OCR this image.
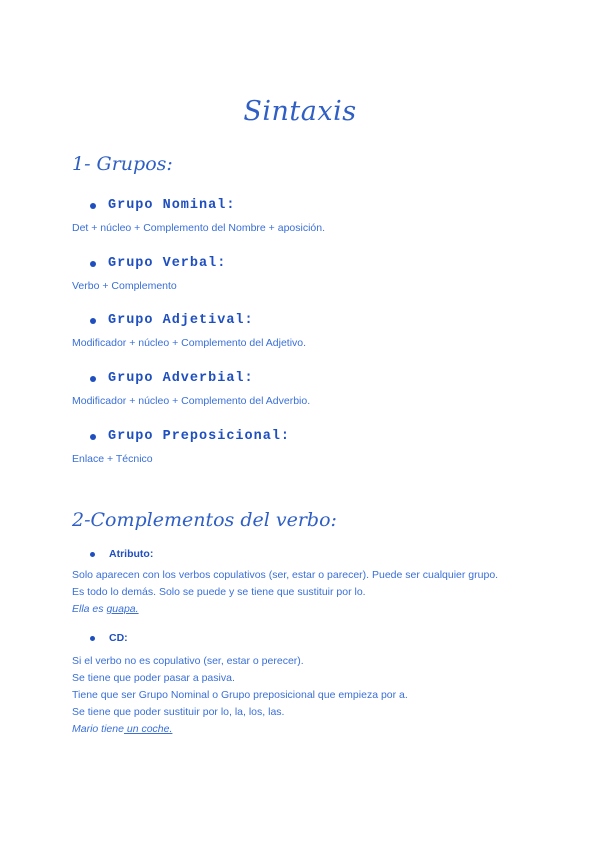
Sintaxis
1- Grupos:
Grupo Nominal:
Det + núcleo + Complemento del Nombre + aposición.
Grupo Verbal:
Verbo + Complemento
Grupo Adjetival:
Modificador + núcleo + Complemento del Adjetivo.
Grupo Adverbial:
Modificador + núcleo + Complemento del Adverbio.
Grupo Preposicional:
Enlace + Técnico
2-Complementos del verbo:
Atributo:
Solo aparecen con los verbos copulativos (ser, estar o parecer). Puede ser cualquier grupo.
Es todo lo demás. Solo se puede y se tiene que sustituir por lo.
Ella es guapa.
CD:
Si el verbo no es copulativo (ser, estar o perecer).
Se tiene que poder pasar a pasiva.
Tiene que ser Grupo Nominal o Grupo preposicional que empieza por a.
Se tiene que poder sustituir por lo, la, los, las.
Mario tiene un coche.
